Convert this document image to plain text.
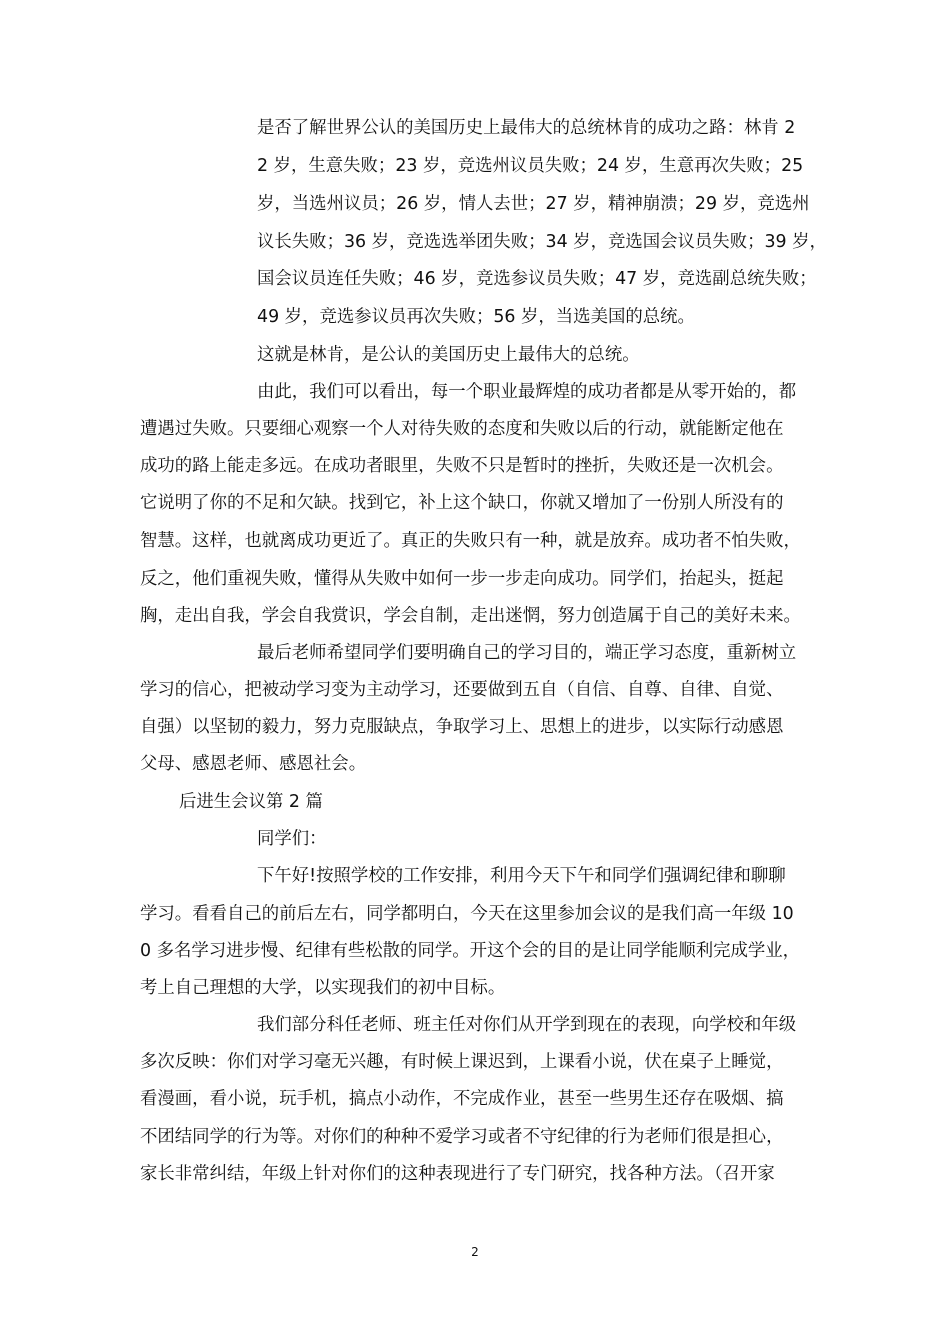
是否了解世界公认的美国历史上最伟大的总统林肯的成功之路：林肯 2
2 岁，生意失败；23 岁，竞选州议员失败；24 岁，生意再次失败；25
岁，当选州议员；26 岁，情人去世；27 岁，精神崩溃；29 岁，竞选州
议长失败；36 岁，竞选选举团失败；34 岁，竞选国会议员失败；39 岁，
国会议员连任失败；46 岁，竞选参议员失败；47 岁，竞选副总统失败；
49 岁，竞选参议员再次失败；56 岁，当选美国的总统。
这就是林肯，是公认的美国历史上最伟大的总统。
由此，我们可以看出，每一个职业最辉煌的成功者都是从零开始的，都
遭遇过失败。只要细心观察一个人对待失败的态度和失败以后的行动，就能断定他在
成功的路上能走多远。在成功者眼里，失败不只是暂时的挫折，失败还是一次机会。
它说明了你的不足和欠缺。找到它，补上这个缺口，你就又增加了一份别人所没有的
智慧。这样，也就离成功更近了。真正的失败只有一种，就是放弃。成功者不怕失败，
反之，他们重视失败，懂得从失败中如何一步一步走向成功。同学们，抬起头，挺起
胸，走出自我，学会自我赏识，学会自制，走出迷惘，努力创造属于自己的美好未来。
最后老师希望同学们要明确自己的学习目的，端正学习态度，重新树立
学习的信心，把被动学习变为主动学习，还要做到五自（自信、自尊、自律、自觉、
自强）以坚韧的毅力，努力克服缺点，争取学习上、思想上的进步，以实际行动感恩
父母、感恩老师、感恩社会。
后进生会议第 2 篇
同学们：
下午好!按照学校的工作安排，利用今天下午和同学们强调纪律和聊聊
学习。看看自己的前后左右，同学都明白，今天在这里参加会议的是我们高一年级 10
0 多名学习进步慢、纪律有些松散的同学。开这个会的目的是让同学能顺利完成学业，
考上自己理想的大学，以实现我们的初中目标。
我们部分科任老师、班主任对你们从开学到现在的表现，向学校和年级
多次反映：你们对学习毫无兴趣，有时候上课迟到，上课看小说，伏在桌子上睡觉，
看漫画，看小说，玩手机，搞点小动作，不完成作业，甚至一些男生还存在吸烟、搞
不团结同学的行为等。对你们的种种不爱学习或者不守纪律的行为老师们很是担心，
家长非常纠结，年级上针对你们的这种表现进行了专门研究，找各种方法。（召开家
2
